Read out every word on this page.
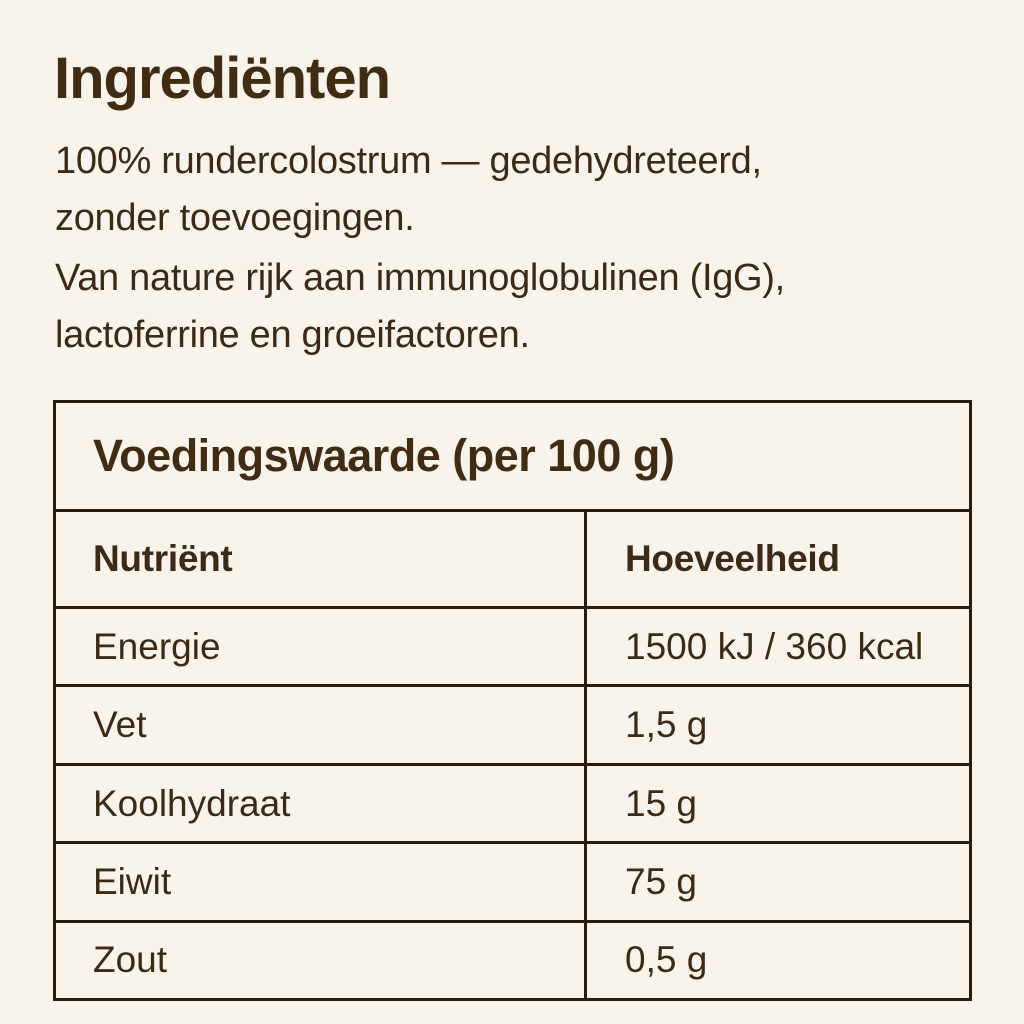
Ingrediënten
100% rundercolostrum — gedehydreteerd,
zonder toevoegingen.
Van nature rijk aan immunoglobulinen (IgG),
lactoferrine en groeifactoren.
Voedingswaarde (per 100 g)
Nutriënt	Hoeveelheid
Energie	1500 kJ / 360 kcal
Vet	1,5 g
Koolhydraat	15 g
Eiwit	75 g
Zout	0,5 g
